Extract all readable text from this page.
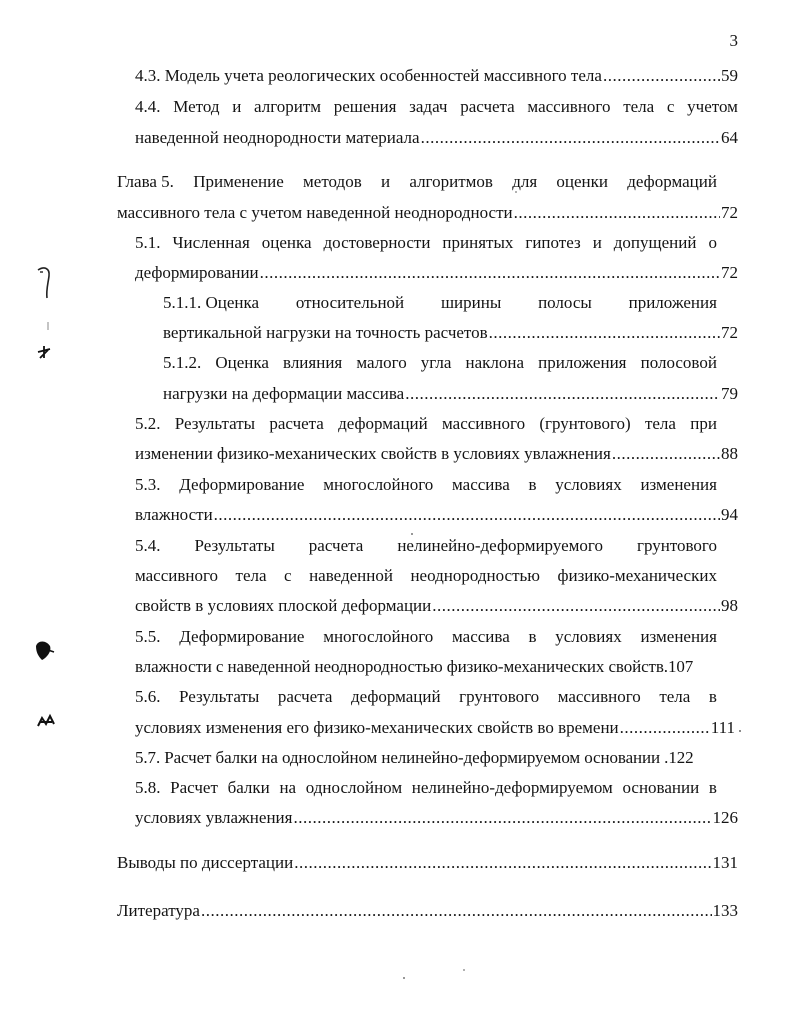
3
4.3. Модель учета реологических особенностей массивного тела .....	59
4.4. Метод и алгоритм решения задач расчета массивного тела с учетом
наведенной неоднородности материала .....	64
Глава 5. Применение методов и алгоритмов для оценки деформаций
массивного тела с учетом наведенной неоднородности .....	72
5.1. Численная оценка достоверности принятых гипотез и допущений о
деформировании .....	72
5.1.1. Оценка относительной ширины полосы приложения
вертикальной нагрузки на точность расчетов .....	72
5.1.2. Оценка влияния малого угла наклона приложения полосовой
нагрузки на деформации массива .....	79
5.2. Результаты расчета деформаций массивного (грунтового) тела при
изменении физико-механических свойств в условиях увлажнения .....	88
5.3. Деформирование многослойного массива в условиях изменения
влажности .....	94
5.4. Результаты расчета нелинейно-деформируемого грунтового
массивного тела с наведенной неоднородностью физико-механических
свойств в условиях плоской деформации .....	98
5.5. Деформирование многослойного массива в условиях изменения
влажности с наведенной неоднородностью физико-механических свойств.107
5.6. Результаты расчета деформаций грунтового массивного тела в
условиях изменения его физико-механических свойств во времени .....	111
5.7. Расчет балки на однослойном нелинейно-деформируемом основании .122
5.8. Расчет балки на однослойном нелинейно-деформируемом основании в
условиях увлажнения .....	126
Выводы по диссертации .....	131
Литература .....	133
